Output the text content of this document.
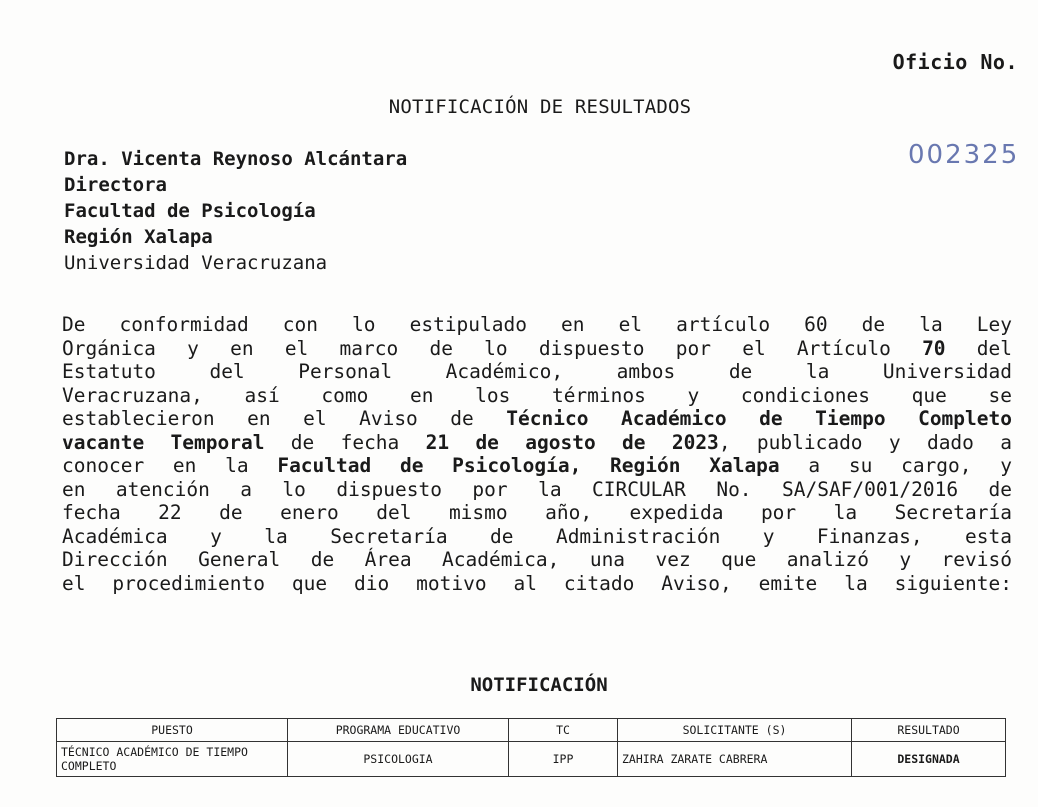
Oficio No.
NOTIFICACIÓN DE RESULTADOS
002325
Dra. Vicenta Reynoso Alcántara
Directora
Facultad de Psicología
Región Xalapa
Universidad Veracruzana
De conformidad con lo estipulado en el artículo 60 de la Ley
Orgánica y en el marco de lo dispuesto por el Artículo 70 del
Estatuto del Personal Académico, ambos de la Universidad
Veracruzana, así como en los términos y condiciones que se
establecieron en el Aviso de Técnico Académico de Tiempo Completo
vacante Temporal de fecha 21 de agosto de 2023, publicado y dado a
conocer en la Facultad de Psicología, Región Xalapa a su cargo, y
en atención a lo dispuesto por la CIRCULAR No. SA/SAF/001/2016 de
fecha 22 de enero del mismo año, expedida por la Secretaría
Académica y la Secretaría de Administración y Finanzas, esta
Dirección General de Área Académica, una vez que analizó y revisó
el procedimiento que dio motivo al citado Aviso, emite la siguiente:
NOTIFICACIÓN
PUESTO	PROGRAMA EDUCATIVO	TC	SOLICITANTE (S)	RESULTADO
TÉCNICO ACADÉMICO DE TIEMPO COMPLETO	PSICOLOGIA	IPP	ZAHIRA ZARATE CABRERA	DESIGNADA
